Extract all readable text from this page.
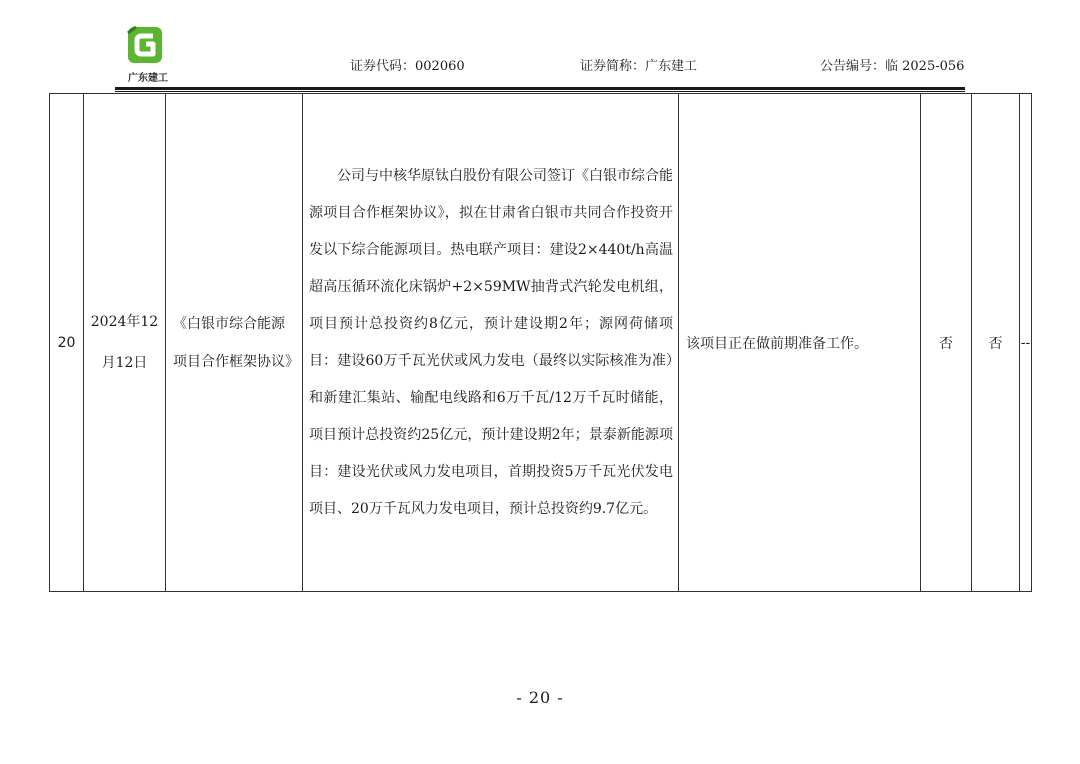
广东建工
证券代码：002060	证券简称：广东建工	公告编号：临 2025-056
20	2024年12月12日	《白银市综合能源项目合作框架协议》	公司与中核华原钛白股份有限公司签订《白银市综合能源项目合作框架协议》，拟在甘肃省白银市共同合作投资开发以下综合能源项目。热电联产项目：建设2×440t/h高温超高压循环流化床锅炉+2×59MW抽背式汽轮发电机组，项目预计总投资约8亿元，预计建设期2年；源网荷储项目：建设60万千瓦光伏或风力发电（最终以实际核准为准）和新建汇集站、输配电线路和6万千瓦/12万千瓦时储能，项目预计总投资约25亿元，预计建设期2年；景泰新能源项目：建设光伏或风力发电项目，首期投资5万千瓦光伏发电项目、20万千瓦风力发电项目，预计总投资约9.7亿元。	该项目正在做前期准备工作。	否	否	--
- 20 -
